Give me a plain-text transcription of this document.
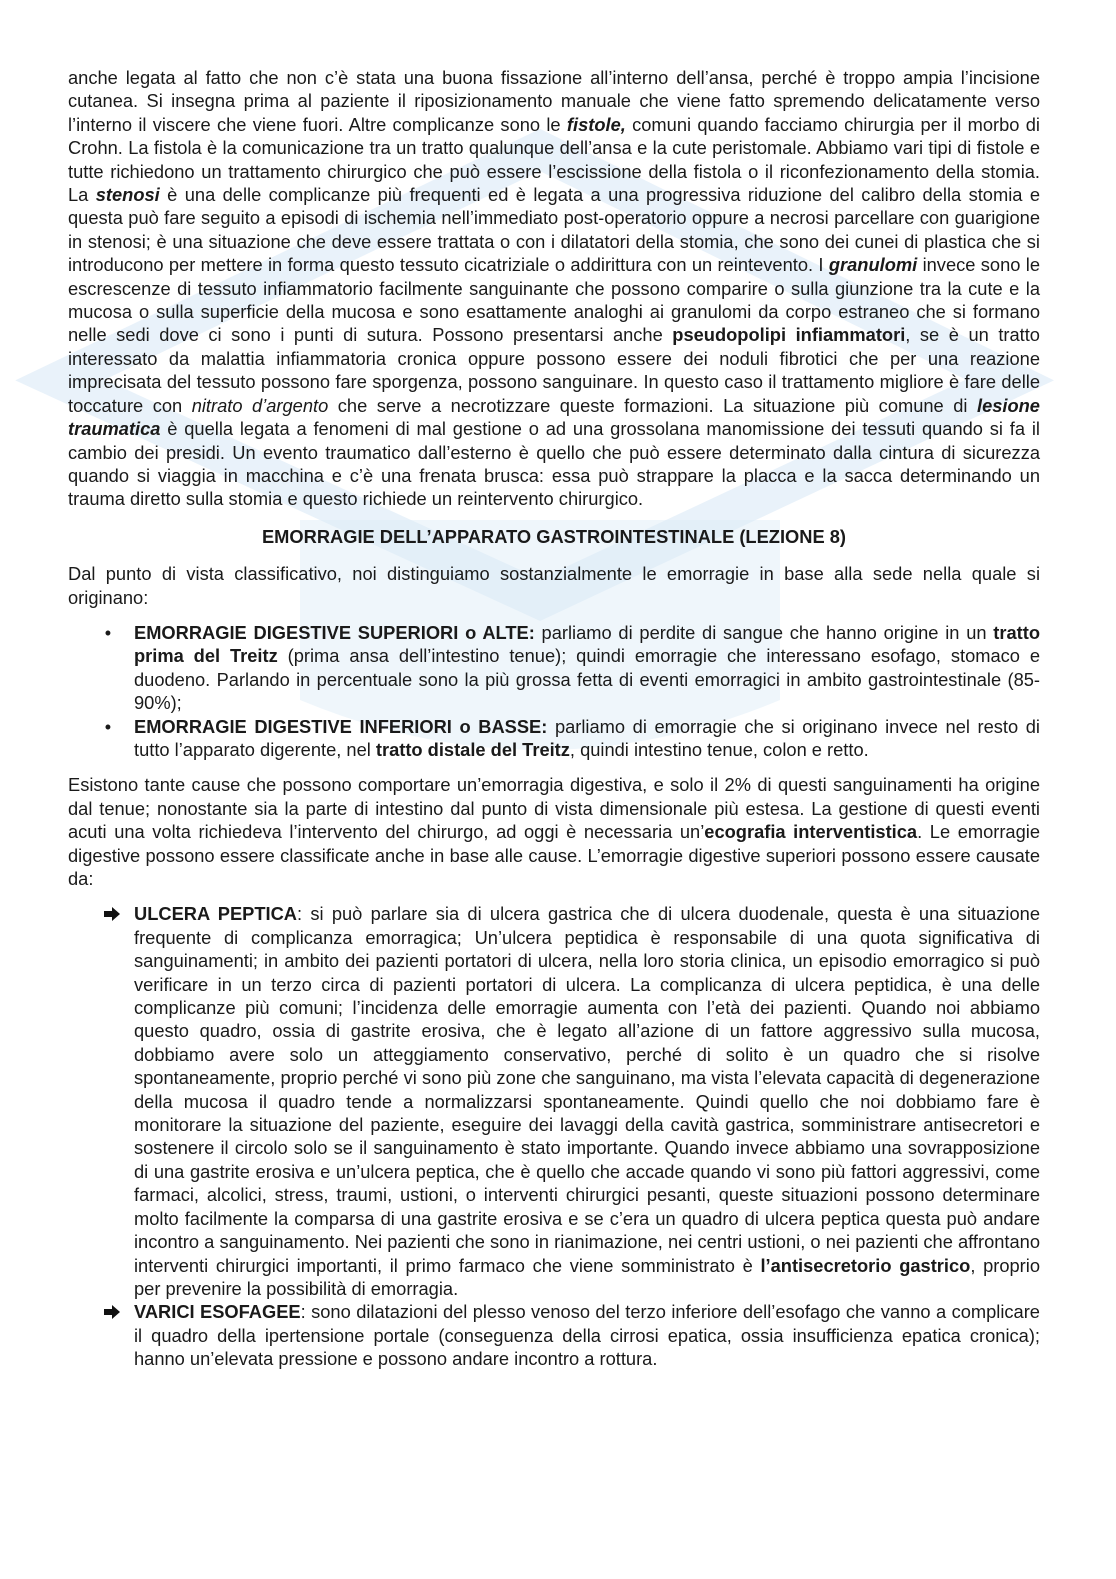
anche legata al fatto che non c’è stata una buona fissazione all’interno dell’ansa, perché è troppo ampia l’incisione cutanea. Si insegna prima al paziente il riposizionamento manuale che viene fatto spremendo delicatamente verso l’interno il viscere che viene fuori. Altre complicanze sono le fistole, comuni quando facciamo chirurgia per il morbo di Crohn. La fistola è la comunicazione tra un tratto qualunque dell’ansa e la cute peristomale. Abbiamo vari tipi di fistole e tutte richiedono un trattamento chirurgico che può essere l’escissione della fistola o il riconfezionamento della stomia. La stenosi è una delle complicanze più frequenti ed è legata a una progressiva riduzione del calibro della stomia e questa può fare seguito a episodi di ischemia nell’immediato post-operatorio oppure a necrosi parcellare con guarigione in stenosi; è una situazione che deve essere trattata o con i dilatatori della stomia, che sono dei cunei di plastica che si introducono per mettere in forma questo tessuto cicatriziale o addirittura con un reintevento. I granulomi invece sono le escrescenze di tessuto infiammatorio facilmente sanguinante che possono comparire o sulla giunzione tra la cute e la mucosa o sulla superficie della mucosa e sono esattamente analoghi ai granulomi da corpo estraneo che si formano nelle sedi dove ci sono i punti di sutura. Possono presentarsi anche pseudopolipi infiammatori, se è un tratto interessato da malattia infiammatoria cronica oppure possono essere dei noduli fibrotici che per una reazione imprecisata del tessuto possono fare sporgenza, possono sanguinare. In questo caso il trattamento migliore è fare delle toccature con nitrato d’argento che serve a necrotizzare queste formazioni. La situazione più comune di lesione traumatica è quella legata a fenomeni di mal gestione o ad una grossolana manomissione dei tessuti quando si fa il cambio dei presidi. Un evento traumatico dall’esterno è quello che può essere determinato dalla cintura di sicurezza quando si viaggia in macchina e c’è una frenata brusca: essa può strappare la placca e la sacca determinando un trauma diretto sulla stomia e questo richiede un reintervento chirurgico.

EMORRAGIE DELL’APPARATO GASTROINTESTINALE (LEZIONE 8)

Dal punto di vista classificativo, noi distinguiamo sostanzialmente le emorragie in base alla sede nella quale si originano:

•	EMORRAGIE DIGESTIVE SUPERIORI o ALTE: parliamo di perdite di sangue che hanno origine in un tratto prima del Treitz (prima ansa dell’intestino tenue); quindi emorragie che interessano esofago, stomaco e duodeno. Parlando in percentuale sono la più grossa fetta di eventi emorragici in ambito gastrointestinale (85-90%);
•	EMORRAGIE DIGESTIVE INFERIORI o BASSE: parliamo di emorragie che si originano invece nel resto di tutto l’apparato digerente, nel tratto distale del Treitz, quindi intestino tenue, colon e retto.

Esistono tante cause che possono comportare un’emorragia digestiva, e solo il 2% di questi sanguinamenti ha origine dal tenue; nonostante sia la parte di intestino dal punto di vista dimensionale più estesa. La gestione di questi eventi acuti una volta richiedeva l’intervento del chirurgo, ad oggi è necessaria un’ecografia interventistica. Le emorragie digestive possono essere classificate anche in base alle cause. L’emorragie digestive superiori possono essere causate da:

ULCERA PEPTICA: si può parlare sia di ulcera gastrica che di ulcera duodenale, questa è una situazione frequente di complicanza emorragica; Un’ulcera peptidica è responsabile di una quota significativa di sanguinamenti; in ambito dei pazienti portatori di ulcera, nella loro storia clinica, un episodio emorragico si può verificare in un terzo circa di pazienti portatori di ulcera. La complicanza di ulcera peptidica, è una delle complicanze più comuni; l’incidenza delle emorragie aumenta con l’età dei pazienti. Quando noi abbiamo questo quadro, ossia di gastrite erosiva, che è legato all’azione di un fattore aggressivo sulla mucosa, dobbiamo avere solo un atteggiamento conservativo, perché di solito è un quadro che si risolve spontaneamente, proprio perché vi sono più zone che sanguinano, ma vista l’elevata capacità di degenerazione della mucosa il quadro tende a normalizzarsi spontaneamente. Quindi quello che noi dobbiamo fare è monitorare la situazione del paziente, eseguire dei lavaggi della cavità gastrica, somministrare antisecretori e sostenere il circolo solo se il sanguinamento è stato importante. Quando invece abbiamo una sovrapposizione di una gastrite erosiva e un’ulcera peptica, che è quello che accade quando vi sono più fattori aggressivi, come farmaci, alcolici, stress, traumi, ustioni, o interventi chirurgici pesanti, queste situazioni possono determinare molto facilmente la comparsa di una gastrite erosiva e se c’era un quadro di ulcera peptica questa può andare incontro a sanguinamento. Nei pazienti che sono in rianimazione, nei centri ustioni, o nei pazienti che affrontano interventi chirurgici importanti, il primo farmaco che viene somministrato è l’antisecretorio gastrico, proprio per prevenire la possibilità di emorragia.
VARICI ESOFAGEE: sono dilatazioni del plesso venoso del terzo inferiore dell’esofago che vanno a complicare il quadro della ipertensione portale (conseguenza della cirrosi epatica, ossia insufficienza epatica cronica); hanno un’elevata pressione e possono andare incontro a rottura.
